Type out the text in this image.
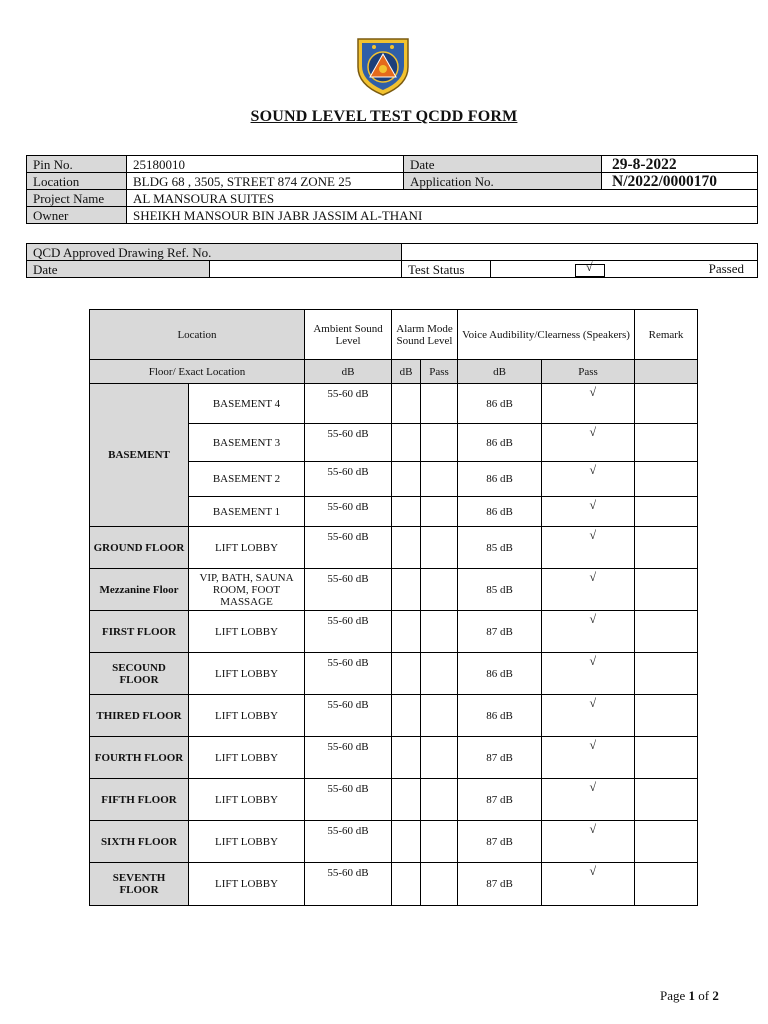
SOUND LEVEL TEST QCDD FORM
Pin No.	25180010	Date	29-8-2022
Location	BLDG 68 , 3505, STREET 874 ZONE 25	Application No.	N/2022/0000170
Project Name	AL MANSOURA SUITES		
Owner	SHEIKH MANSOUR BIN JABR JASSIM AL-THANI		
QCD Approved Drawing Ref. No.			
Date		Test Status	√ Passed
Location		Ambient Sound Level	Alarm Mode Sound Level		Voice Audibility/Clearness (Speakers)		Remark
Floor/ Exact Location		dB	dB	Pass	dB	Pass	
BASEMENT	BASEMENT 4	55-60 dB			86 dB	√	

	BASEMENT 3	55-60 dB			86 dB	√	

	BASEMENT 2	55-60 dB			86 dB	√	

	BASEMENT 1	55-60 dB			86 dB	√	

GROUND FLOOR	LIFT LOBBY	55-60 dB			85 dB	√	

Mezzanine Floor	VIP, BATH, SAUNA ROOM, FOOT MASSAGE	55-60 dB			85 dB	√	

FIRST FLOOR	LIFT LOBBY	55-60 dB			87 dB	√	

SECOUND FLOOR	LIFT LOBBY	55-60 dB			86 dB	√	

THIRED FLOOR	LIFT LOBBY	55-60 dB			86 dB	√	

FOURTH FLOOR	LIFT LOBBY	55-60 dB			87 dB	√	

FIFTH FLOOR	LIFT LOBBY	55-60 dB			87 dB	√	

SIXTH FLOOR	LIFT LOBBY	55-60 dB			87 dB	√	

SEVENTH FLOOR	LIFT LOBBY	55-60 dB			87 dB	√	

Page 1 of 2
